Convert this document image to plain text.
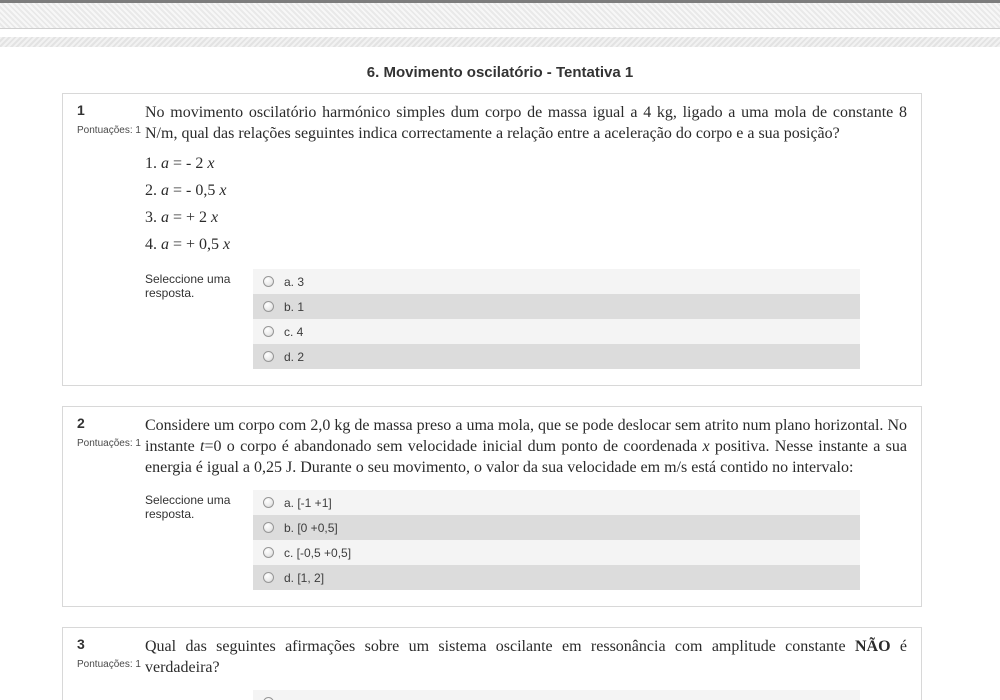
6. Movimento oscilatório - Tentativa 1
1
Pontuações: 1
No movimento oscilatório harmónico simples dum corpo de massa igual a 4 kg, ligado a uma mola de constante 8 N/m, qual das relações seguintes indica correctamente a relação entre a aceleração do corpo e a sua posição?
1. a = - 2 x
2. a = - 0,5 x
3. a = + 2 x
4. a = + 0,5 x
Seleccione uma resposta.
a. 3
b. 1
c. 4
d. 2
2
Pontuações: 1
Considere um corpo com 2,0 kg de massa preso a uma mola, que se pode deslocar sem atrito num plano horizontal. No instante t=0 o corpo é abandonado sem velocidade inicial dum ponto de coordenada x positiva. Nesse instante a sua energia é igual a 0,25 J. Durante o seu movimento, o valor da sua velocidade em m/s está contido no intervalo:
Seleccione uma resposta.
a. [-1 +1]
b. [0 +0,5]
c. [-0,5 +0,5]
d. [1, 2]
3
Pontuações: 1
Qual das seguintes afirmações sobre um sistema oscilante em ressonância com amplitude constante NÃO é verdadeira?
